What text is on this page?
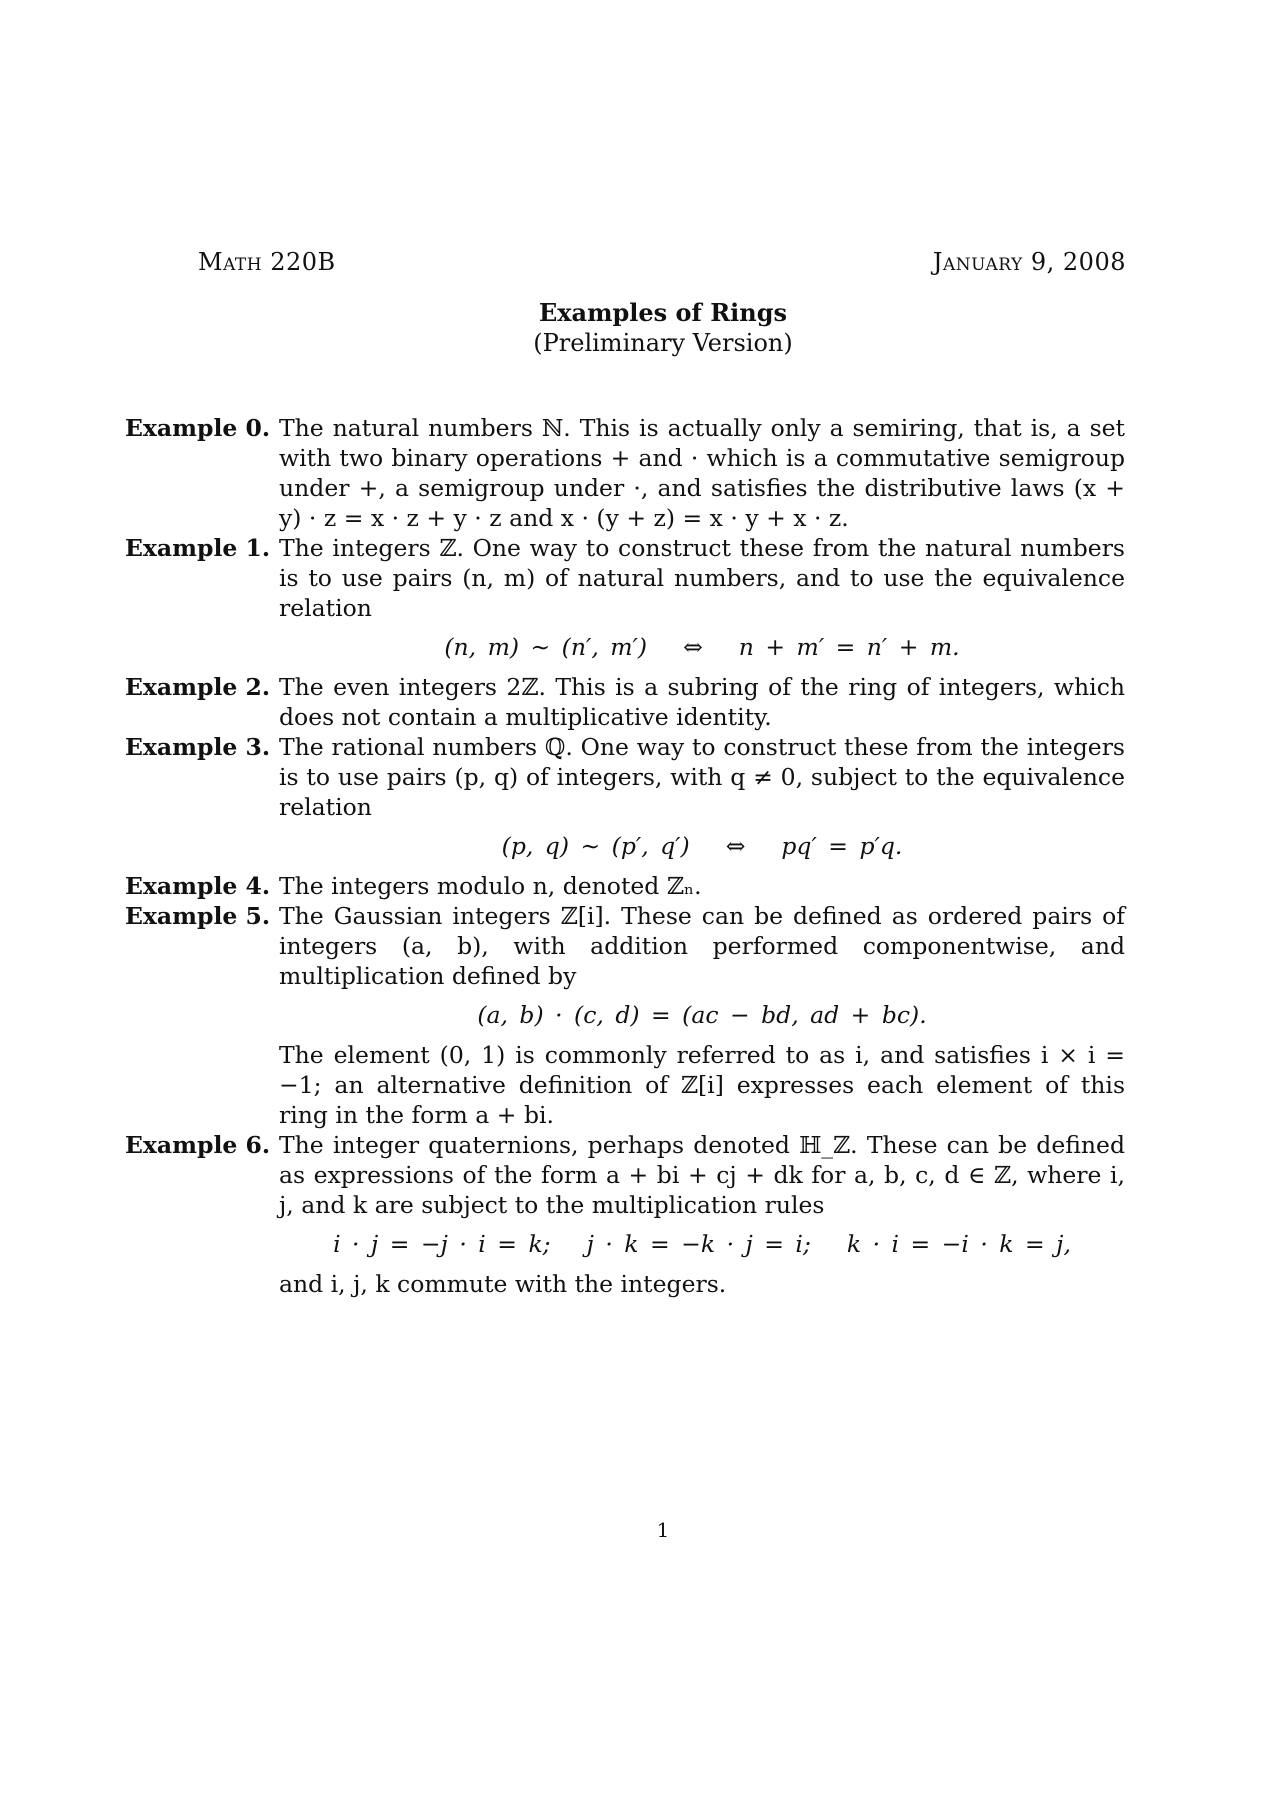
Math 220B	January 9, 2008
Examples of Rings
(Preliminary Version)
Example 0. The natural numbers ℕ. This is actually only a semiring, that is, a set with two binary operations + and · which is a commutative semigroup under +, a semigroup under ·, and satisfies the distributive laws (x + y) · z = x · z + y · z and x · (y + z) = x · y + x · z.

Example 1. The integers ℤ. One way to construct these from the natural numbers is to use pairs (n, m) of natural numbers, and to use the equivalence relation

(n, m) ∼ (n′, m′) ⇔ n + m′ = n′ + m.
Example 2. The even integers 2ℤ. This is a subring of the ring of integers, which does not contain a multiplicative identity.

Example 3. The rational numbers ℚ. One way to construct these from the integers is to use pairs (p, q) of integers, with q ≠ 0, subject to the equivalence relation

(p, q) ∼ (p′, q′) ⇔ pq′ = p′q.
Example 4. The integers modulo n, denoted ℤₙ.

Example 5. The Gaussian integers ℤ[i]. These can be defined as ordered pairs of integers (a, b), with addition performed componentwise, and multiplication defined by

(a, b) · (c, d) = (ac − bd, ad + bc).

The element (0, 1) is commonly referred to as i, and satisfies i × i = −1; an alternative definition of ℤ[i] expresses each element of this ring in the form a + bi.

Example 6. The integer quaternions, perhaps denoted ℍ_ℤ. These can be defined as expressions of the form a + bi + cj + dk for a, b, c, d ∈ ℤ, where i, j, and k are subject to the multiplication rules

i · j = −j · i = k; j · k = −k · j = i; k · i = −i · k = j,

and i, j, k commute with the integers.

1
